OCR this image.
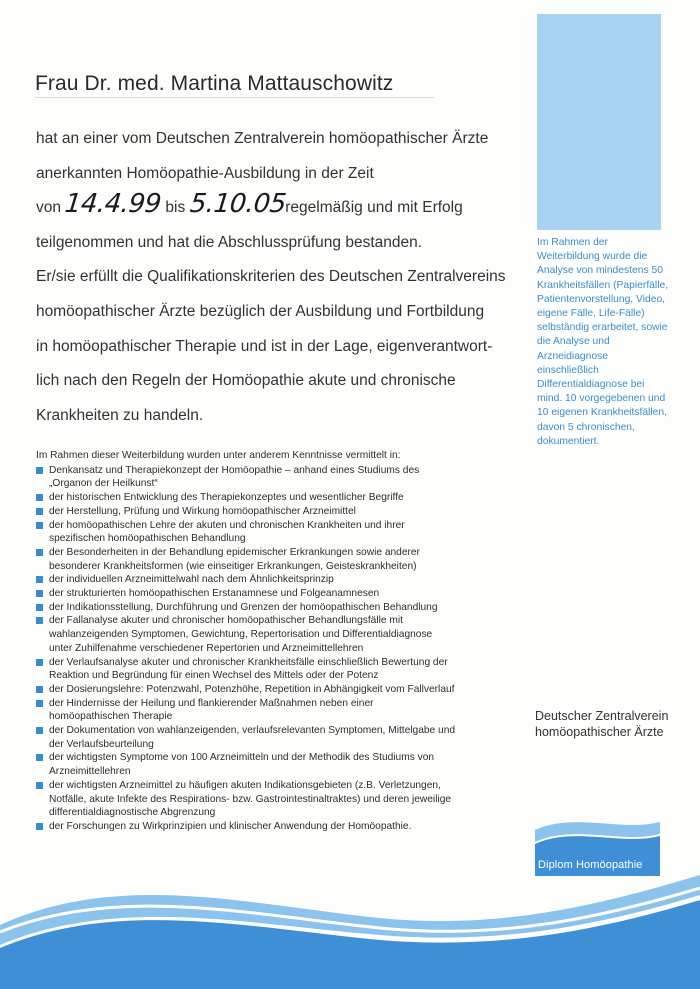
Frau Dr. med. Martina Mattauschowitz

hat an einer vom Deutschen Zentralverein homöopathischer Ärzte

anerkannten Homöopathie-Ausbildung in der Zeit

von 14.4.99 bis 5.10.05regelmäßig und mit Erfolg

teilgenommen und hat die Abschlussprüfung bestanden.

Er/sie erfüllt die Qualifikationskriterien des Deutschen Zentralvereins

homöopathischer Ärzte bezüglich der Ausbildung und Fortbildung

in homöopathischer Therapie und ist in der Lage, eigenverantwort-

lich nach den Regeln der Homöopathie akute und chronische

Krankheiten zu handeln.

Im Rahmen der Weiterbildung wurde die Analyse von mindestens 50 Krankheitsfällen (Papierfälle, Patientenvorstellung, Video, eigene Fälle, Life-Fälle) selbständig erarbeitet, sowie die Analyse und Arzneidiagnose einschließlich Differentialdiagnose bei mind. 10 vorgegebenen und 10 eigenen Krankheitsfällen, davon 5 chronischen, dokumentiert.

Im Rahmen dieser Weiterbildung wurden unter anderem Kenntnisse vermittelt in:

Denkansatz und Therapiekonzept der Homöopathie – anhand eines Studiums des „Organon der Heilkunst“
der historischen Entwicklung des Therapiekonzeptes und wesentlicher Begriffe
der Herstellung, Prüfung und Wirkung homöopathischer Arzneimittel
der homöopathischen Lehre der akuten und chronischen Krankheiten und ihrer spezifischen homöopathischen Behandlung
der Besonderheiten in der Behandlung epidemischer Erkrankungen sowie anderer besonderer Krankheitsformen (wie einseitiger Erkrankungen, Geisteskrankheiten)
der individuellen Arzneimittelwahl nach dem Ähnlichkeitsprinzip
der strukturierten homöopathischen Erstanamnese und Folgeanamnesen
der Indikationsstellung, Durchführung und Grenzen der homöopathischen Behandlung
der Fallanalyse akuter und chronischer homöopathischer Behandlungsfälle mit wahlanzeigenden Symptomen, Gewichtung, Repertorisation und Differentialdiagnose unter Zuhilfenahme verschiedener Repertorien und Arzneimittellehren
der Verlaufsanalyse akuter und chronischer Krankheitsfälle einschließlich Bewertung der Reaktion und Begründung für einen Wechsel des Mittels oder der Potenz
der Dosierungslehre: Potenzwahl, Potenzhöhe, Repetition in Abhängigkeit vom Fallverlauf
der Hindernisse der Heilung und flankierender Maßnahmen neben einer homöopathischen Therapie
der Dokumentation von wahlanzeigenden, verlaufsrelevanten Symptomen, Mittelgabe und der Verlaufsbeurteilung
der wichtigsten Symptome von 100 Arzneimitteln und der Methodik des Studiums von Arzneimittellehren
der wichtigsten Arzneimittel zu häufigen akuten Indikationsgebieten (z.B. Verletzungen, Notfälle, akute Infekte des Respirations- bzw. Gastrointestinaltraktes) und deren jeweilige differentialdiagnostische Abgrenzung
der Forschungen zu Wirkprinzipien und klinischer Anwendung der Homöopathie.
Deutscher Zentralverein
homöopathischer Ärzte
Diplom Homöopathie
